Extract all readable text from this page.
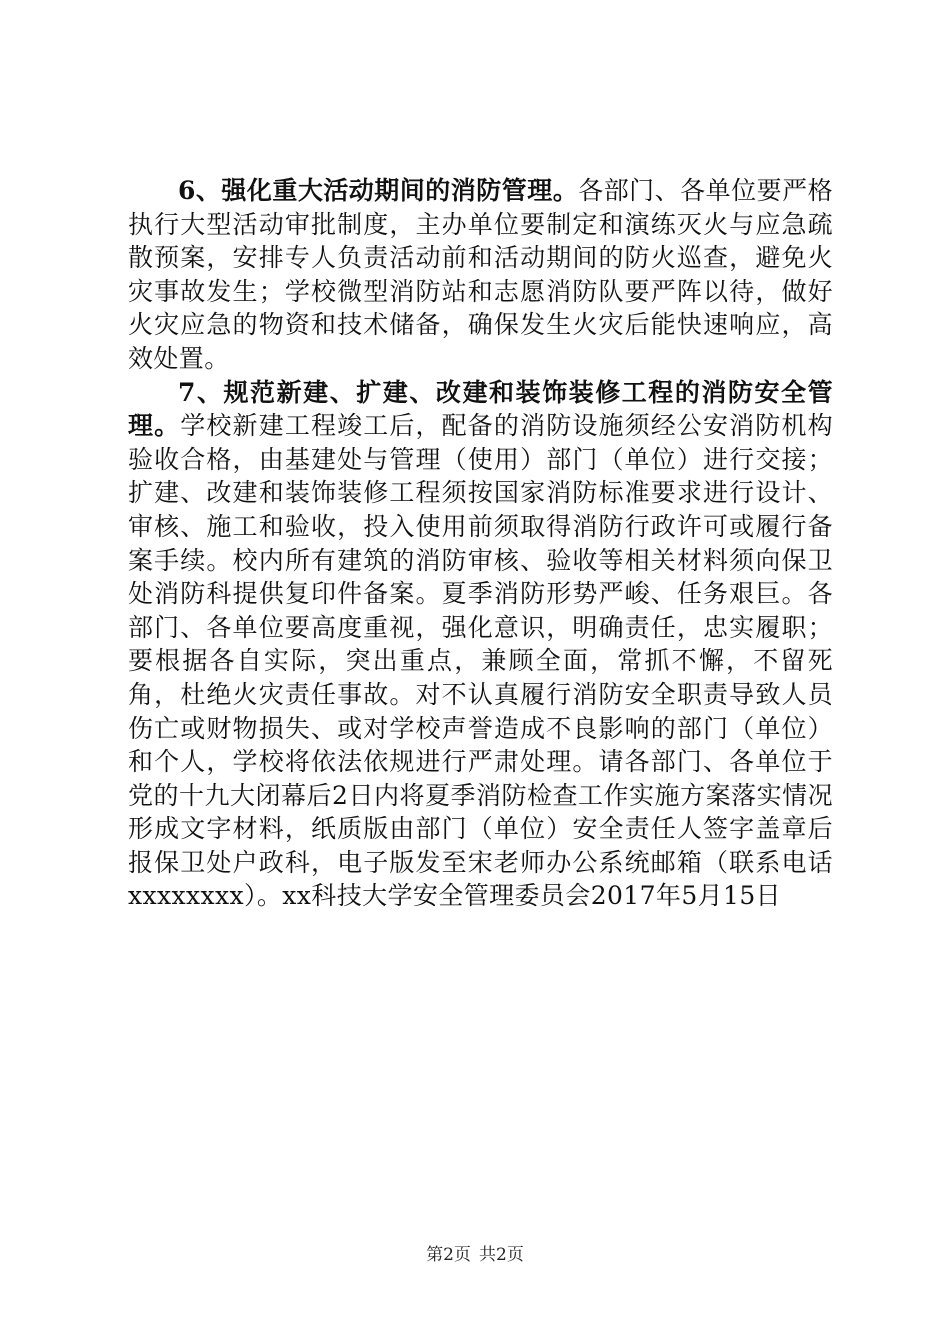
6、强化重大活动期间的消防管理。各部门、各单位要严格执行大型活动审批制度，主办单位要制定和演练灭火与应急疏散预案，安排专人负责活动前和活动期间的防火巡查，避免火灾事故发生；学校微型消防站和志愿消防队要严阵以待，做好火灾应急的物资和技术储备，确保发生火灾后能快速响应，高效处置。

7、规范新建、扩建、改建和装饰装修工程的消防安全管理。学校新建工程竣工后，配备的消防设施须经公安消防机构验收合格，由基建处与管理（使用）部门（单位）进行交接；扩建、改建和装饰装修工程须按国家消防标准要求进行设计、审核、施工和验收，投入使用前须取得消防行政许可或履行备案手续。校内所有建筑的消防审核、验收等相关材料须向保卫处消防科提供复印件备案。夏季消防形势严峻、任务艰巨。各部门、各单位要高度重视，强化意识，明确责任，忠实履职；要根据各自实际，突出重点，兼顾全面，常抓不懈，不留死角，杜绝火灾责任事故。对不认真履行消防安全职责导致人员伤亡或财物损失、或对学校声誉造成不良影响的部门（单位）和个人，学校将依法依规进行严肃处理。请各部门、各单位于党的十九大闭幕后2日内将夏季消防检查工作实施方案落实情况形成文字材料，纸质版由部门（单位）安全责任人签字盖章后报保卫处户政科，电子版发至宋老师办公系统邮箱（联系电话xxxxxxxx）。xx科技大学安全管理委员会2017年5月15日

第2页 共2页
